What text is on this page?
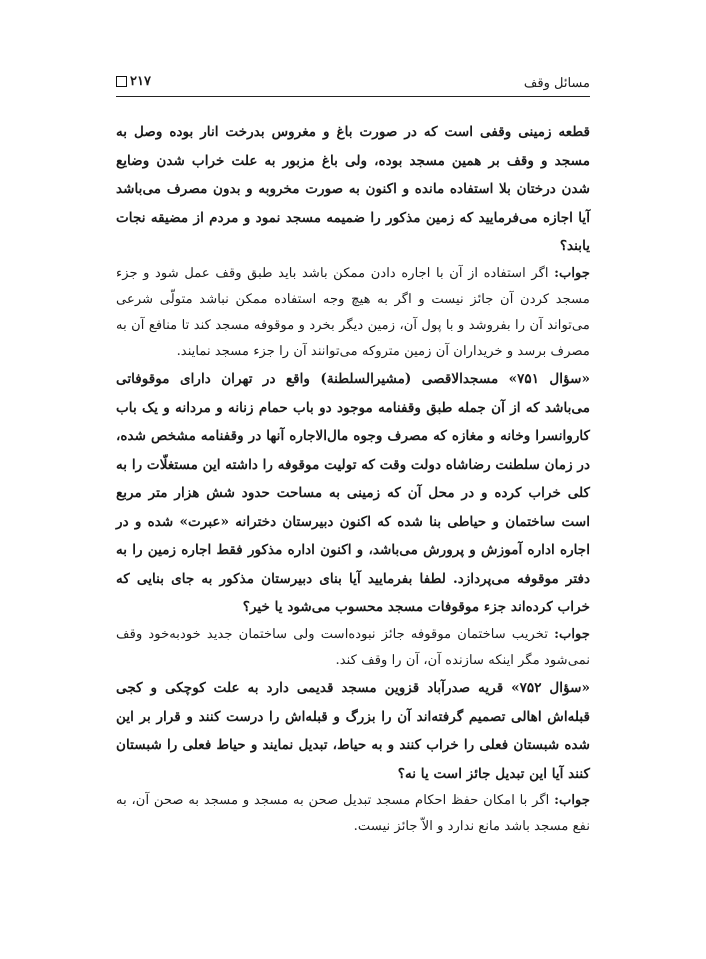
مسائل وقف
۲۱۷

قطعه زمینی وقفی است که در صورت باغ و مغروس بدرخت انار بوده وصل به مسجد و وقف بر همین مسجد بوده، ولی باغ مزبور به علت خراب شدن وضایع شدن درختان بلا استفاده مانده و اکنون به صورت مخروبه و بدون مصرف می‌باشد آیا اجازه می‌فرمایید که زمین مذکور را ضمیمه مسجد نمود و مردم از مضیقه نجات یابند؟

جواب: اگر استفاده از آن با اجاره دادن ممکن باشد باید طبق وقف عمل شود و جزء مسجد کردن آن جائز نیست و اگر به هیچ وجه استفاده ممکن نباشد متولّی شرعی می‌تواند آن را بفروشد و با پول آن، زمین دیگر بخرد و موقوفه مسجد کند تا منافع آن به مصرف برسد و خریداران آن زمین متروکه می‌توانند آن را جزء مسجد نمایند.

«سؤال ۷۵۱» مسجدالاقصی (مشیرالسلطنة) واقع در تهران دارای موقوفاتی می‌باشد که از آن جمله طبق وقفنامه موجود دو باب حمام زنانه و مردانه و یک باب کاروانسرا وخانه و مغازه که مصرف وجوه مال‌الاجاره آنها در وقفنامه مشخص شده، در زمان سلطنت رضاشاه دولت وقت که تولیت موقوفه را داشته این مستغلّات را به کلی خراب کرده و در محل آن که زمینی به مساحت حدود شش هزار متر مربع است ساختمان و حیاطی بنا شده که اکنون دبیرستان دخترانه «عبرت» شده و در اجاره اداره آموزش و پرورش می‌باشد، و اکنون اداره مذکور فقط اجاره زمین را به دفتر موقوفه می‌پردازد. لطفا بفرمایید آیا بنای دبیرستان مذکور به جای بنایی که خراب کرده‌اند جزء موقوفات مسجد محسوب می‌شود یا خیر؟

جواب: تخریب ساختمان موقوفه جائز نبوده‌است ولی ساختمان جدید خودبه‌خود وقف نمی‌شود مگر اینکه سازنده آن، آن را وقف کند.

«سؤال ۷۵۲» قریه صدرآباد قزوین مسجد قدیمی دارد به علت کوچکی و کجی قبله‌اش اهالی تصمیم گرفته‌اند آن را بزرگ و قبله‌اش را درست کنند و قرار بر این شده شبستان فعلی را خراب کنند و به حیاط، تبدیل نمایند و حیاط فعلی را شبستان کنند آیا این تبدیل جائز است یا نه؟

جواب: اگر با امکان حفظ احکام مسجد تبدیل صحن به مسجد و مسجد به صحن آن، به نفع مسجد باشد مانع ندارد و الاّ جائز نیست.
